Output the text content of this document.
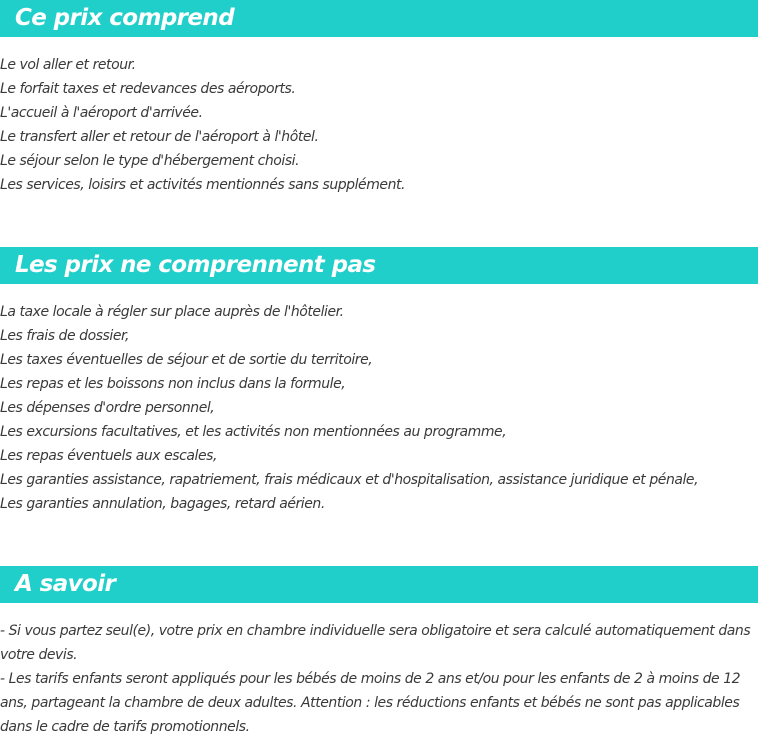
Ce prix comprend
Le vol aller et retour.
Le forfait taxes et redevances des aéroports.
L'accueil à l'aéroport d'arrivée.
Le transfert aller et retour de l'aéroport à l'hôtel.
Le séjour selon le type d'hébergement choisi.
Les services, loisirs et activités mentionnés sans supplément.
Les prix ne comprennent pas
La taxe locale à régler sur place auprès de l'hôtelier.
Les frais de dossier,
Les taxes éventuelles de séjour et de sortie du territoire,
Les repas et les boissons non inclus dans la formule,
Les dépenses d'ordre personnel,
Les excursions facultatives, et les activités non mentionnées au programme,
Les repas éventuels aux escales,
Les garanties assistance, rapatriement, frais médicaux et d'hospitalisation, assistance juridique et pénale,
Les garanties annulation, bagages, retard aérien.
A savoir

- Si vous partez seul(e), votre prix en chambre individuelle sera obligatoire et sera calculé automatiquement dans votre devis.

- Les tarifs enfants seront appliqués pour les bébés de moins de 2 ans et/ou pour les enfants de 2 à moins de 12 ans, partageant la chambre de deux adultes. Attention : les réductions enfants et bébés ne sont pas applicables dans le cadre de tarifs promotionnels.
